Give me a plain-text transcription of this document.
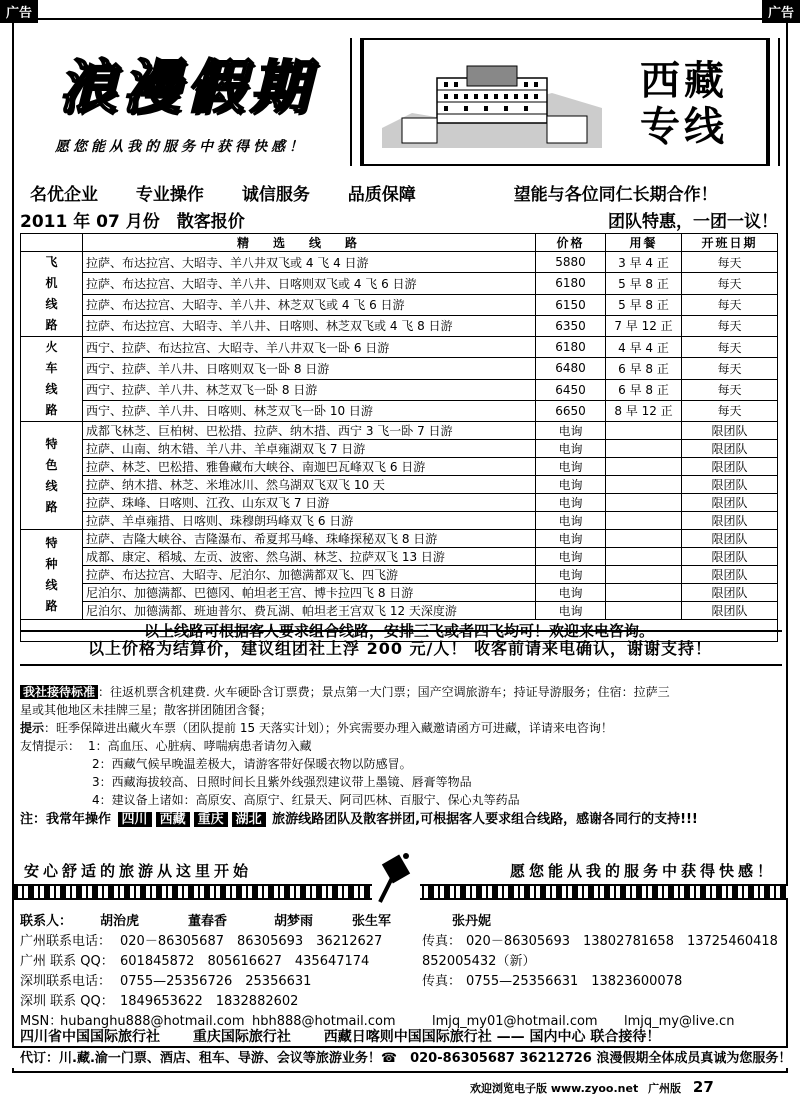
广告	广告
浪漫假期
愿您能从我的服务中获得快感！
西藏
专线
名优企业 专业操作 诚信服务 品质保障	望能与各位同仁长期合作！
2011 年 07 月份　散客报价	团队特惠，一团一议！
	精选线路	价格	用餐	开班日期

飞
机
线
路	拉萨、布达拉宫、大昭寺、羊八井双飞或 4 飞 4 日游	5880	3 早 4 正	每天
	拉萨、布达拉宫、大昭寺、羊八井、日喀则双飞或 4 飞 6 日游	6180	5 早 8 正	每天
	拉萨、布达拉宫、大昭寺、羊八井、林芝双飞或 4 飞 6 日游	6150	5 早 8 正	每天
	拉萨、布达拉宫、大昭寺、羊八井、日喀则、林芝双飞或 4 飞 8 日游	6350	7 早 12 正	每天

火
车
线
路	西宁、拉萨、布达拉宫、大昭寺、羊八井双飞一卧 6 日游	6180	4 早 4 正	每天
	西宁、拉萨、羊八井、日喀则双飞一卧 8 日游	6480	6 早 8 正	每天
	西宁、拉萨、羊八井、林芝双飞一卧 8 日游	6450	6 早 8 正	每天
	西宁、拉萨、羊八井、日喀则、林芝双飞一卧 10 日游	6650	8 早 12 正	每天

特
色
线
路	成都飞林芝、巨柏树、巴松措、拉萨、纳木措、西宁 3 飞一卧 7 日游	电询		限团队
	拉萨、山南、纳木错、羊八井、羊卓雍湖双飞 7 日游	电询		限团队
	拉萨、林芝、巴松措、雅鲁藏布大峡谷、南迦巴瓦峰双飞 6 日游	电询		限团队
	拉萨、纳木措、林芝、米堆冰川、然乌湖双飞双飞 10 天	电询		限团队
	拉萨、珠峰、日喀则、江孜、山东双飞 7 日游	电询		限团队
	拉萨、羊卓雍措、日喀则、珠穆朗玛峰双飞 6 日游	电询		限团队

特
种
线
路	拉萨、吉隆大峡谷、吉隆瀑布、希夏邦马峰、珠峰探秘双飞 8 日游	电询		限团队
	成都、康定、稻城、左贡、波密、然乌湖、林芝、拉萨双飞 13 日游	电询		限团队
	拉萨、布达拉宫、大昭寺、尼泊尔、加德满都双飞、四飞游	电询		限团队
	尼泊尔、加德满都、巴德冈、帕坦老王宫、博卡拉四飞 8 日游	电询		限团队
	尼泊尔、加德满都、班迪普尔、费瓦湖、帕坦老王宫双飞 12 天深度游	电询		限团队
以上线路可根据客人要求组合线路，安排三飞或者四飞均可！欢迎来电咨询。				
以上价格为结算价，建议组团社上浮 200 元/人！ 收客前请来电确认，谢谢支持！
我社接待标准 ：往返机票含机建费. 火车硬卧含订票费；景点第一大门票；国产空调旅游车；持证导游服务；住宿：拉萨三
星或其他地区未挂牌三星；散客拼团随团含餐；
提示：旺季保障进出藏火车票（团队提前 15 天落实计划）；外宾需要办理入藏邀请函方可进藏，详请来电咨询！
友情提示： 1：高血压、心脏病、哮喘病患者请勿入藏
2：西藏气候早晚温差极大，请游客带好保暖衣物以防感冒。
3：西藏海拔较高、日照时间长且紫外线强烈建议带上墨镜、唇膏等物品
4：建议备上诸如：高原安、高原宁、红景天、阿司匹林、百服宁、保心丸等药品
注：我常年操作 四川 西藏 重庆 湖北 旅游线路团队及散客拼团,可根据客人要求组合线路，感谢各同行的支持!!!
安心舒适的旅游从这里开始	愿您能从我的服务中获得快感！
联系人： 胡治虎	董春香	胡梦雨	张生军	张丹妮
广州联系电话： 020－86305687　86305693　36212627	传真： 020－86305693　13802781658　13725460418
广州 联系 QQ： 601845872　805616627　435647174	852005432（新）
深圳联系电话： 0755—25356726　25356631	传真： 0755—25356631　13823600078
深圳 联系 QQ： 1849653622　1832882602
MSN：
hubanghu888@hotmail.com hbh888@hotmail.com	lmjq_my01@hotmail.com lmjq_my@live.cn
四川省中国国际旅行社 重庆国际旅行社 西藏日喀则中国国际旅行社 —— 国内中心 联合接待！
代订：川.藏.渝一门票、酒店、租车、导游、会议等旅游业务！☎　020-86305687 36212726 浪漫假期全体成员真诚为您服务！
欢迎浏览电子版 www.zyoo.net 广州版 27
